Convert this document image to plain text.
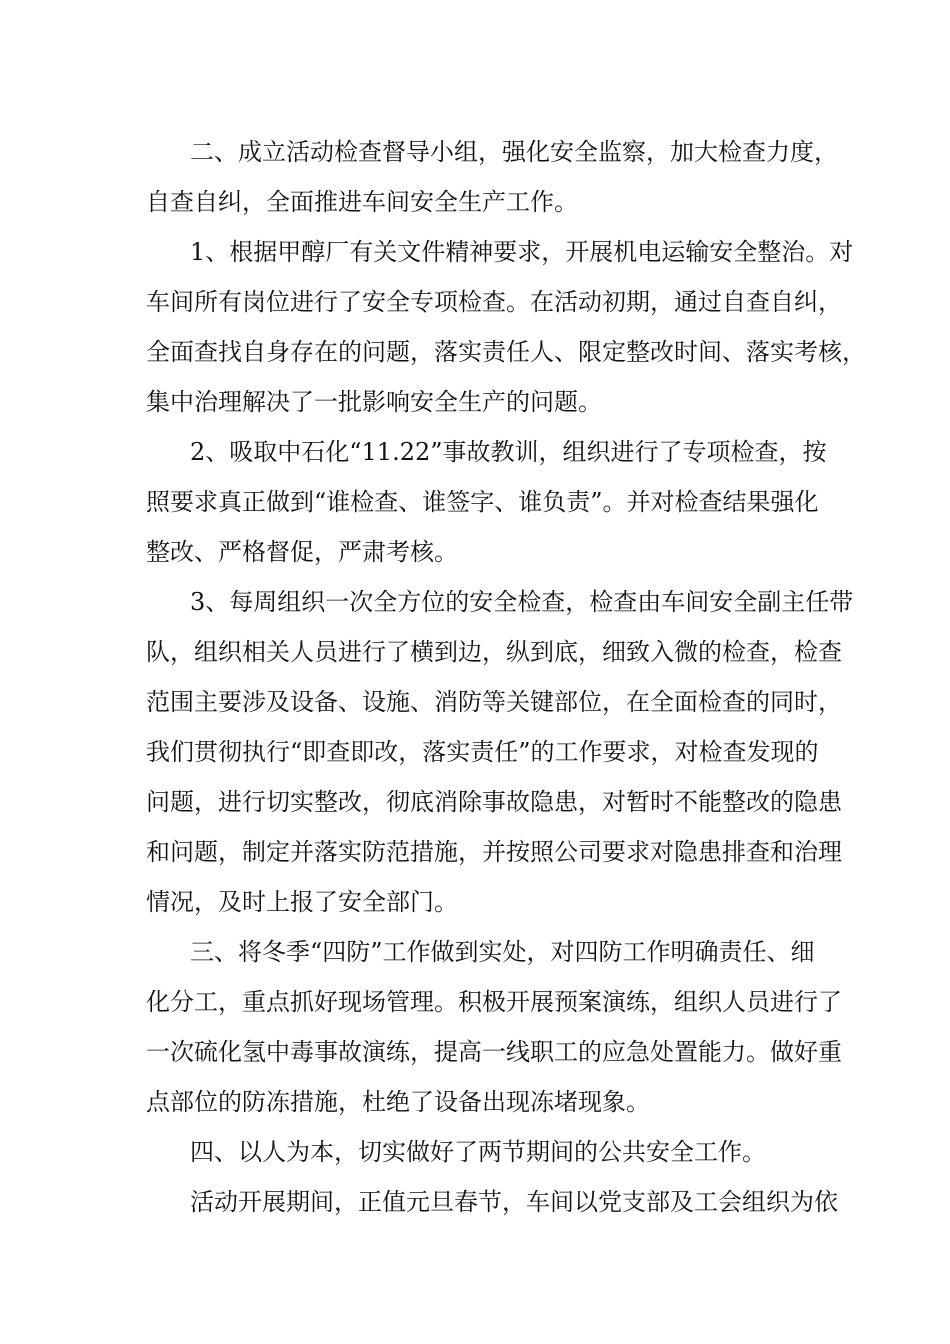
二、成立活动检查督导小组，强化安全监察，加大检查力度，
自查自纠，全面推进车间安全生产工作。
1、根据甲醇厂有关文件精神要求，开展机电运输安全整治。对
车间所有岗位进行了安全专项检查。在活动初期，通过自查自纠，
全面查找自身存在的问题，落实责任人、限定整改时间、落实考核，
集中治理解决了一批影响安全生产的问题。
2、吸取中石化“11.22”事故教训，组织进行了专项检查，按
照要求真正做到“谁检查、谁签字、谁负责”。并对检查结果强化
整改、严格督促，严肃考核。
3、每周组织一次全方位的安全检查，检查由车间安全副主任带
队，组织相关人员进行了横到边，纵到底，细致入微的检查，检查
范围主要涉及设备、设施、消防等关键部位，在全面检查的同时，
我们贯彻执行“即查即改，落实责任”的工作要求，对检查发现的
问题，进行切实整改，彻底消除事故隐患，对暂时不能整改的隐患
和问题，制定并落实防范措施，并按照公司要求对隐患排查和治理
情况，及时上报了安全部门。
三、将冬季“四防”工作做到实处，对四防工作明确责任、细
化分工，重点抓好现场管理。积极开展预案演练，组织人员进行了
一次硫化氢中毒事故演练，提高一线职工的应急处置能力。做好重
点部位的防冻措施，杜绝了设备出现冻堵现象。
四、以人为本，切实做好了两节期间的公共安全工作。
活动开展期间，正值元旦春节，车间以党支部及工会组织为依
